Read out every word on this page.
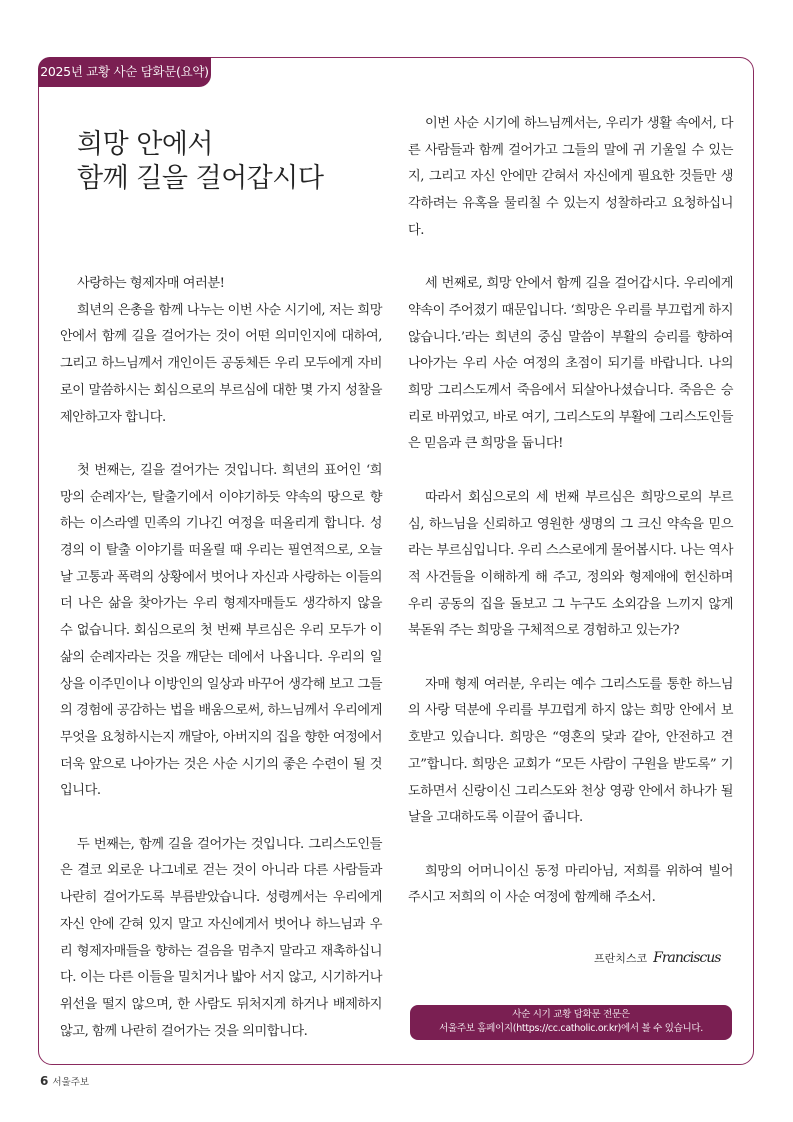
2025년 교황 사순 담화문(요약)
희망 안에서
함께 길을 걸어갑시다

사랑하는 형제자매 여러분!

희년의 은총을 함께 나누는 이번 사순 시기에, 저는 희망 안에서 함께 길을 걸어가는 것이 어떤 의미인지에 대하여, 그리고 하느님께서 개인이든 공동체든 우리 모두에게 자비로이 말씀하시는 회심으로의 부르심에 대한 몇 가지 성찰을 제안하고자 합니다.

첫 번째는, 길을 걸어가는 것입니다. 희년의 표어인 ‘희망의 순례자’는, 탈출기에서 이야기하듯 약속의 땅으로 향하는 이스라엘 민족의 기나긴 여정을 떠올리게 합니다. 성경의 이 탈출 이야기를 떠올릴 때 우리는 필연적으로, 오늘날 고통과 폭력의 상황에서 벗어나 자신과 사랑하는 이들의 더 나은 삶을 찾아가는 우리 형제자매들도 생각하지 않을 수 없습니다. 회심으로의 첫 번째 부르심은 우리 모두가 이 삶의 순례자라는 것을 깨닫는 데에서 나옵니다. 우리의 일상을 이주민이나 이방인의 일상과 바꾸어 생각해 보고 그들의 경험에 공감하는 법을 배움으로써, 하느님께서 우리에게 무엇을 요청하시는지 깨달아, 아버지의 집을 향한 여정에서 더욱 앞으로 나아가는 것은 사순 시기의 좋은 수련이 될 것입니다.

두 번째는, 함께 길을 걸어가는 것입니다. 그리스도인들은 결코 외로운 나그네로 걷는 것이 아니라 다른 사람들과 나란히 걸어가도록 부름받았습니다. 성령께서는 우리에게 자신 안에 갇혀 있지 말고 자신에게서 벗어나 하느님과 우리 형제자매들을 향하는 걸음을 멈추지 말라고 재촉하십니다. 이는 다른 이들을 밀치거나 밟아 서지 않고, 시기하거나 위선을 떨지 않으며, 한 사람도 뒤처지게 하거나 배제하지 않고, 함께 나란히 걸어가는 것을 의미합니다.

이번 사순 시기에 하느님께서는, 우리가 생활 속에서, 다른 사람들과 함께 걸어가고 그들의 말에 귀 기울일 수 있는지, 그리고 자신 안에만 갇혀서 자신에게 필요한 것들만 생각하려는 유혹을 물리칠 수 있는지 성찰하라고 요청하십니다.

세 번째로, 희망 안에서 함께 길을 걸어갑시다. 우리에게 약속이 주어졌기 때문입니다. ‘희망은 우리를 부끄럽게 하지 않습니다.’라는 희년의 중심 말씀이 부활의 승리를 향하여 나아가는 우리 사순 여정의 초점이 되기를 바랍니다. 나의 희망 그리스도께서 죽음에서 되살아나셨습니다. 죽음은 승리로 바뀌었고, 바로 여기, 그리스도의 부활에 그리스도인들은 믿음과 큰 희망을 둡니다!

따라서 회심으로의 세 번째 부르심은 희망으로의 부르심, 하느님을 신뢰하고 영원한 생명의 그 크신 약속을 믿으라는 부르심입니다. 우리 스스로에게 물어봅시다. 나는 역사적 사건들을 이해하게 해 주고, 정의와 형제애에 헌신하며 우리 공동의 집을 돌보고 그 누구도 소외감을 느끼지 않게 북돋워 주는 희망을 구체적으로 경험하고 있는가?

자매 형제 여러분, 우리는 예수 그리스도를 통한 하느님의 사랑 덕분에 우리를 부끄럽게 하지 않는 희망 안에서 보호받고 있습니다. 희망은 “영혼의 닻과 같아, 안전하고 견고”합니다. 희망은 교회가 “모든 사람이 구원을 받도록” 기도하면서 신랑이신 그리스도와 천상 영광 안에서 하나가 될 날을 고대하도록 이끌어 줍니다.

희망의 어머니이신 동정 마리아님, 저희를 위하여 빌어 주시고 저희의 이 사순 여정에 함께해 주소서.

프란치스코 Franciscus
사순 시기 교황 담화문 전문은
서울주보 홈페이지(https://cc.catholic.or.kr)에서 볼 수 있습니다.
6 서울주보
